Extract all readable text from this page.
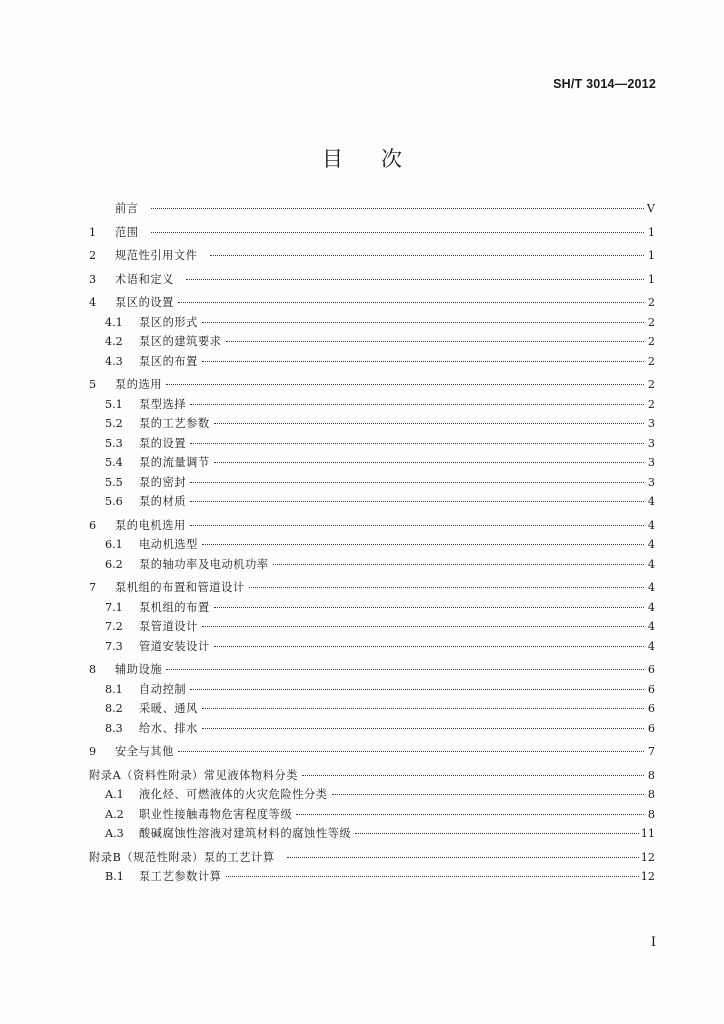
SH/T 3014—2012
目次
前言	V
1	范围	1
2	规范性引用文件	1
3	术语和定义	1
4	泵区的设置	2
4.1	泵区的形式	2
4.2	泵区的建筑要求	2
4.3	泵区的布置	2
5	泵的选用	2
5.1	泵型选择	2
5.2	泵的工艺参数	3
5.3	泵的设置	3
5.4	泵的流量调节	3
5.5	泵的密封	3
5.6	泵的材质	4
6	泵的电机选用	4
6.1	电动机选型	4
6.2	泵的轴功率及电动机功率	4
7	泵机组的布置和管道设计	4
7.1	泵机组的布置	4
7.2	泵管道设计	4
7.3	管道安装设计	4
8	辅助设施	6
8.1	自动控制	6
8.2	采暖、通风	6
8.3	给水、排水	6
9	安全与其他	7
附录A（资料性附录）常见液体物料分类	8
A.1 液化烃、可燃液体的火灾危险性分类	8
A.2 职业性接触毒物危害程度等级	8
A.3 酸碱腐蚀性溶液对建筑材料的腐蚀性等级	11
附录B（规范性附录）泵的工艺计算	12
B.1 泵工艺参数计算	12
I
